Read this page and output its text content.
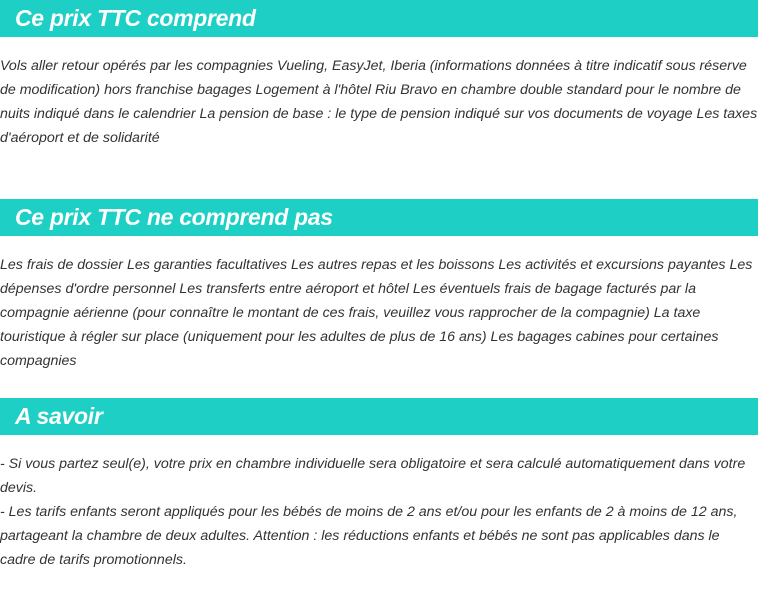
Ce prix TTC comprend

Vols aller retour opérés par les compagnies Vueling, EasyJet, Iberia (informations données à titre indicatif sous réserve de modification) hors franchise bagages Logement à l'hôtel Riu Bravo en chambre double standard pour le nombre de nuits indiqué dans le calendrier La pension de base : le type de pension indiqué sur vos documents de voyage Les taxes d'aéroport et de solidarité

Ce prix TTC ne comprend pas

Les frais de dossier Les garanties facultatives Les autres repas et les boissons Les activités et excursions payantes Les dépenses d'ordre personnel Les transferts entre aéroport et hôtel Les éventuels frais de bagage facturés par la compagnie aérienne (pour connaître le montant de ces frais, veuillez vous rapprocher de la compagnie) La taxe touristique à régler sur place (uniquement pour les adultes de plus de 16 ans) Les bagages cabines pour certaines compagnies

A savoir

- Si vous partez seul(e), votre prix en chambre individuelle sera obligatoire et sera calculé automatiquement dans votre devis.

- Les tarifs enfants seront appliqués pour les bébés de moins de 2 ans et/ou pour les enfants de 2 à moins de 12 ans, partageant la chambre de deux adultes. Attention : les réductions enfants et bébés ne sont pas applicables dans le cadre de tarifs promotionnels.
